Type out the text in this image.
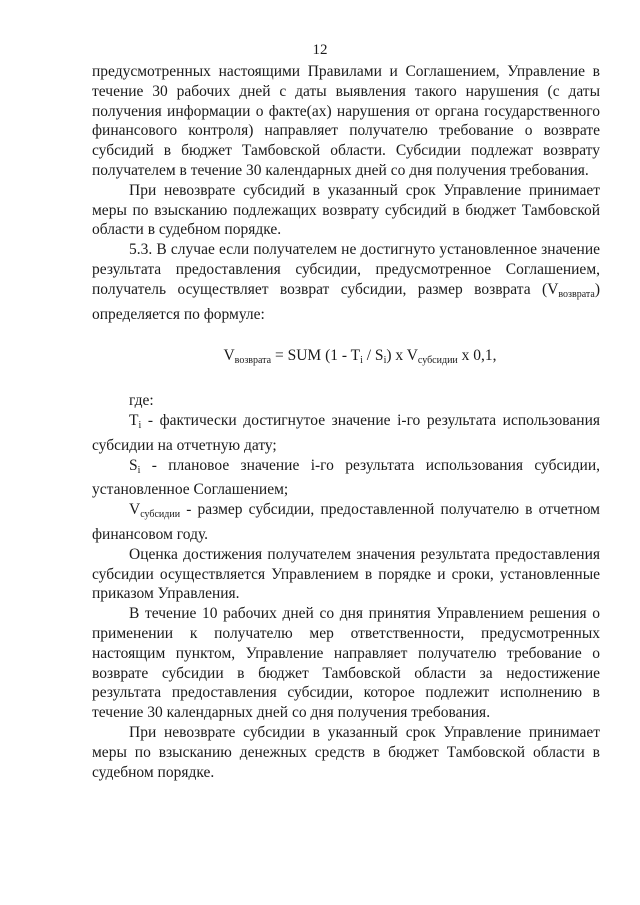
12

предусмотренных настоящими Правилами и Соглашением, Управление в течение 30 рабочих дней с даты выявления такого нарушения (с даты получения информации о факте(ах) нарушения от органа государственного финансового контроля) направляет получателю требование о возврате субсидий в бюджет Тамбовской области. Субсидии подлежат возврату получателем в течение 30 календарных дней со дня получения требования.

При невозврате субсидий в указанный срок Управление принимает меры по взысканию подлежащих возврату субсидий в бюджет Тамбовской области в судебном порядке.

5.3. В случае если получателем не достигнуто установленное значение результата предоставления субсидии, предусмотренное Соглашением, получатель осуществляет возврат субсидии, размер возврата $(V_{возврата})$ определяется по формуле:

$V_{возврата}$ = SUM $(1 - T_i / S_i)$ x $V_{субсидии}$ x 0,1,

где:

$T_i$ - фактически достигнутое значение i-го результата использования субсидии на отчетную дату;

$S_i$ - плановое значение i-го результата использования субсидии, установленное Соглашением;

$V_{субсидии}$ - размер субсидии, предоставленной получателю в отчетном финансовом году.

Оценка достижения получателем значения результата предоставления субсидии осуществляется Управлением в порядке и сроки, установленные приказом Управления.

В течение 10 рабочих дней со дня принятия Управлением решения о применении к получателю мер ответственности, предусмотренных настоящим пунктом, Управление направляет получателю требование о возврате субсидии в бюджет Тамбовской области за недостижение результата предоставления субсидии, которое подлежит исполнению в течение 30 календарных дней со дня получения требования.

При невозврате субсидии в указанный срок Управление принимает меры по взысканию денежных средств в бюджет Тамбовской области в судебном порядке.
